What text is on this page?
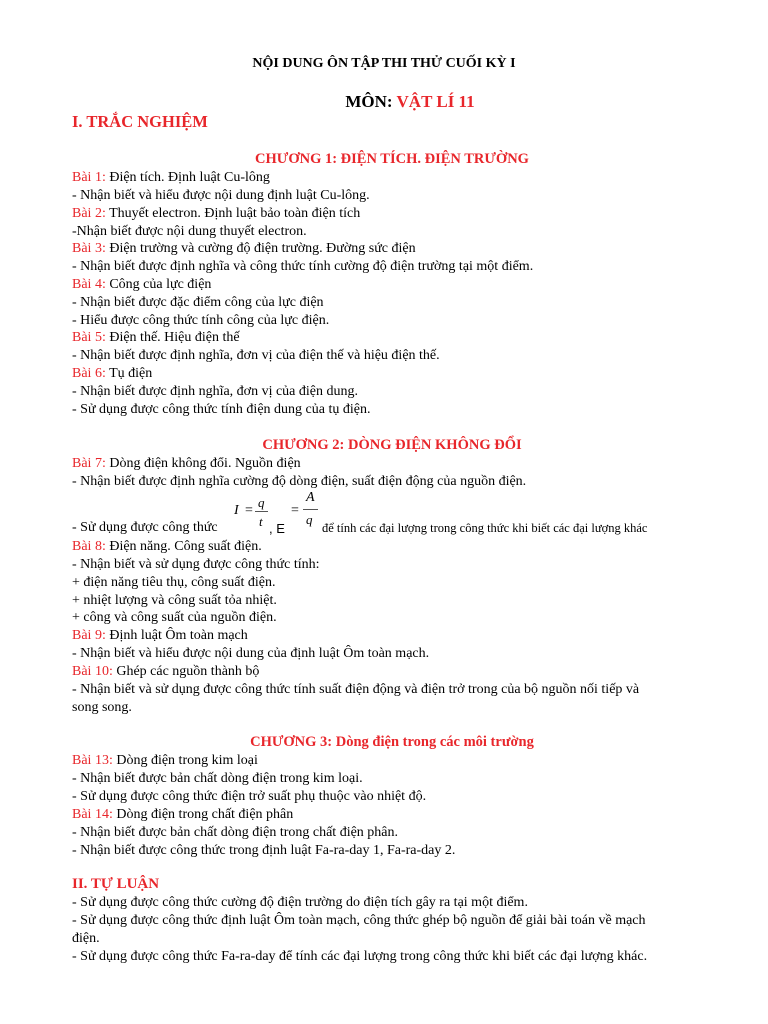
NỘI DUNG ÔN TẬP THI THỬ CUỐI KỲ I
MÔN: VẬT LÍ 11
I. TRẮC NGHIỆM
CHƯƠNG 1: ĐIỆN TÍCH. ĐIỆN TRƯỜNG
Bài 1: Điện tích. Định luật Cu-lông
- Nhận biết và hiểu được nội dung định luật Cu-lông.
Bài 2: Thuyết electron. Định luật bảo toàn điện tích
-Nhận biết được nội dung thuyết electron.
Bài 3: Điện trường và cường độ điện trường. Đường sức điện
- Nhận biết được định nghĩa và công thức tính cường độ điện trường tại một điểm.
Bài 4: Công của lực điện
- Nhận biết được đặc điểm công của lực điện
- Hiểu được công thức tính công của lực điện.
Bài 5: Điện thế. Hiệu điện thế
- Nhận biết được định nghĩa, đơn vị của điện thế và hiệu điện thế.
Bài 6: Tụ điện
- Nhận biết được định nghĩa, đơn vị của điện dung.
- Sử dụng được công thức tính điện dung của tụ điện.
CHƯƠNG 2: DÒNG ĐIỆN KHÔNG ĐỔI
Bài 7: Dòng điện không đổi. Nguồn điện
- Nhận biết được định nghĩa cường độ dòng điện, suất điện động của nguồn điện.
I =
q
t
=
A
q
- Sử dụng được công thức	, E	để tính các đại lượng trong công thức khi biết các đại lượng khác
Bài 8: Điện năng. Công suất điện.
- Nhận biết và sử dụng được công thức tính:
+ điện năng tiêu thụ, công suất điện.
+ nhiệt lượng và công suất tỏa nhiệt.
+ công và công suất của nguồn điện.
Bài 9: Định luật Ôm toàn mạch
- Nhận biết và hiểu được nội dung của định luật Ôm toàn mạch.
Bài 10: Ghép các nguồn thành bộ
- Nhận biết và sử dụng được công thức tính suất điện động và điện trở trong của bộ nguồn nối tiếp và
song song.
CHƯƠNG 3: Dòng điện trong các môi trường
Bài 13: Dòng điện trong kim loại
- Nhận biết được bản chất dòng điện trong kim loại.
- Sử dụng được công thức điện trở suất phụ thuộc vào nhiệt độ.
Bài 14: Dòng điện trong chất điện phân
- Nhận biết được bản chất dòng điện trong chất điện phân.
- Nhận biết được công thức trong định luật Fa-ra-day 1, Fa-ra-day 2.
II. TỰ LUẬN
- Sử dụng được công thức cường độ điện trường do điện tích gây ra tại một điểm.
- Sử dụng được công thức định luật Ôm toàn mạch, công thức ghép bộ nguồn để giải bài toán về mạch
điện.
- Sử dụng được công thức Fa-ra-day để tính các đại lượng trong công thức khi biết các đại lượng khác.
